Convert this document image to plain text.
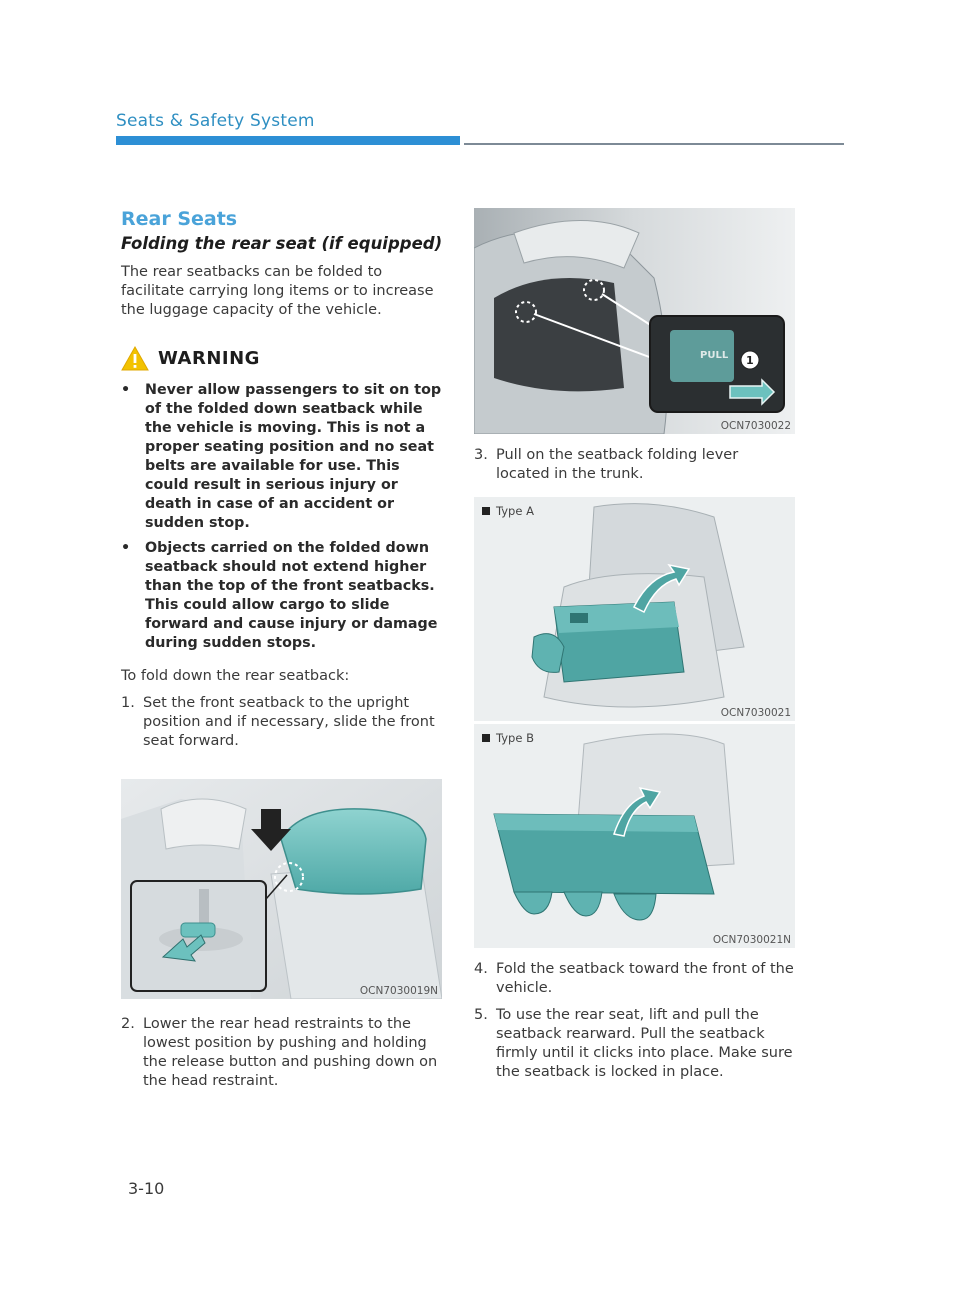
Seats & Safety System
Rear Seats
Folding the rear seat (if equipped)

The rear seatbacks can be folded to facilitate carrying long items or to increase the luggage capacity of the vehicle.

WARNING
• Never allow passengers to sit on top of the folded down seatback while the vehicle is moving. This is not a proper seating position and no seat belts are available for use. This could result in serious injury or death in case of an accident or sudden stop.
• Objects carried on the folded down seatback should not extend higher than the top of the front seatbacks. This could allow cargo to slide forward and cause injury or damage during sudden stops.

To fold down the rear seatback:

1. Set the front seatback to the upright position and if necessary, slide the front seat forward.
OCN7030019N
2. Lower the rear head restraints to the lowest position by pushing and holding the release button and pushing down on the head restraint.
PULL 1
OCN7030022
3. Pull on the seatback folding lever located in the trunk.
Type A
OCN7030021
Type B
OCN7030021N
4. Fold the seatback toward the front of the vehicle.
5. To use the rear seat, lift and pull the seatback rearward. Pull the seatback firmly until it clicks into place. Make sure the seatback is locked in place.
3-10
